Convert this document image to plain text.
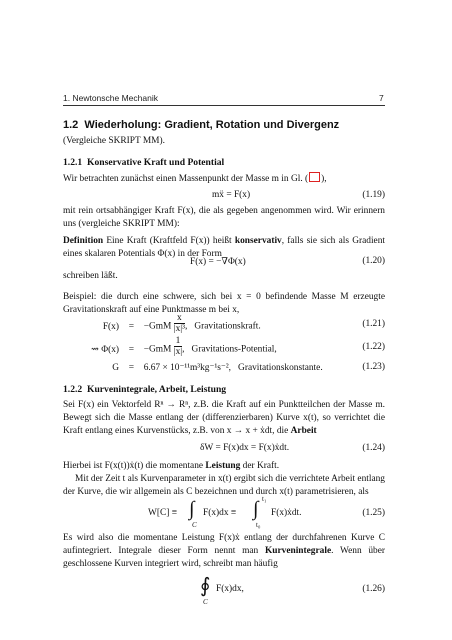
1. Newtonsche Mechanik	7
1.2 Wiederholung: Gradient, Rotation und Divergenz
(Vergleiche SKRIPT MM).
1.2.1 Konservative Kraft und Potential
Wir betrachten zunächst einen Massenpunkt der Masse m in Gl. ( ),
mẍ = F(x)	(1.19)
mit rein ortsabhängiger Kraft F(x), die als gegeben angenommen wird. Wir erinnern uns (vergleiche SKRIPT MM):
Definition Eine Kraft (Kraftfeld F(x)) heißt konservativ, falls sie sich als Gradient eines skalaren Potentials Φ(x) in der Form
F(x) = −∇Φ(x)	(1.20)
schreiben läßt.
Beispiel: die durch eine schwere, sich bei x = 0 befindende Masse M erzeugte Gravitationskraft auf eine Punktmasse m bei x,
$F(x) = -GmM \frac{x}{\text{|x|³}}$ ,   Gravitationskraft.	(1.21)
⇝ $\Phi(x) = -GmM \frac{1}{|x|}$ ,   Gravitations-Potential,	(1.22)
G = 6.67 × 10⁻¹¹m³kg⁻¹s⁻², Gravitationskonstante.	(1.23)
1.2.2 Kurvenintegrale, Arbeit, Leistung
Sei F(x) ein Vektorfeld Rⁿ → Rⁿ, z.B. die Kraft auf ein Punktteilchen der Masse m. Bewegt sich die Masse entlang der (differenzierbaren) Kurve x(t), so verrichtet die Kraft entlang eines Kurvenstücks, z.B. von x → x + ẋdt, die Arbeit
δW = F(x)dx = F(x)ẋdt.	(1.24)
Hierbei ist F(x(t))ẋ(t) die momentane Leistung der Kraft.
Mit der Zeit t als Kurvenparameter in x(t) ergibt sich die verrichtete Arbeit entlang der Kurve, die wir allgemein als C bezeichnen und durch x(t) parametrisieren, als
W[C] ≡ ∫
C
F(x)dx ≡ ∫ t₁
t₀
F(x)ẋdt.	(1.25)
Es wird also die momentane Leistung F(x)ẋ entlang der durchfahrenen Kurve C aufintegriert. Integrale dieser Form nennt man Kurvenintegrale. Wenn über geschlossene Kurven integriert wird, schreibt man häufig
∮
C
F(x)dx,	(1.26)
